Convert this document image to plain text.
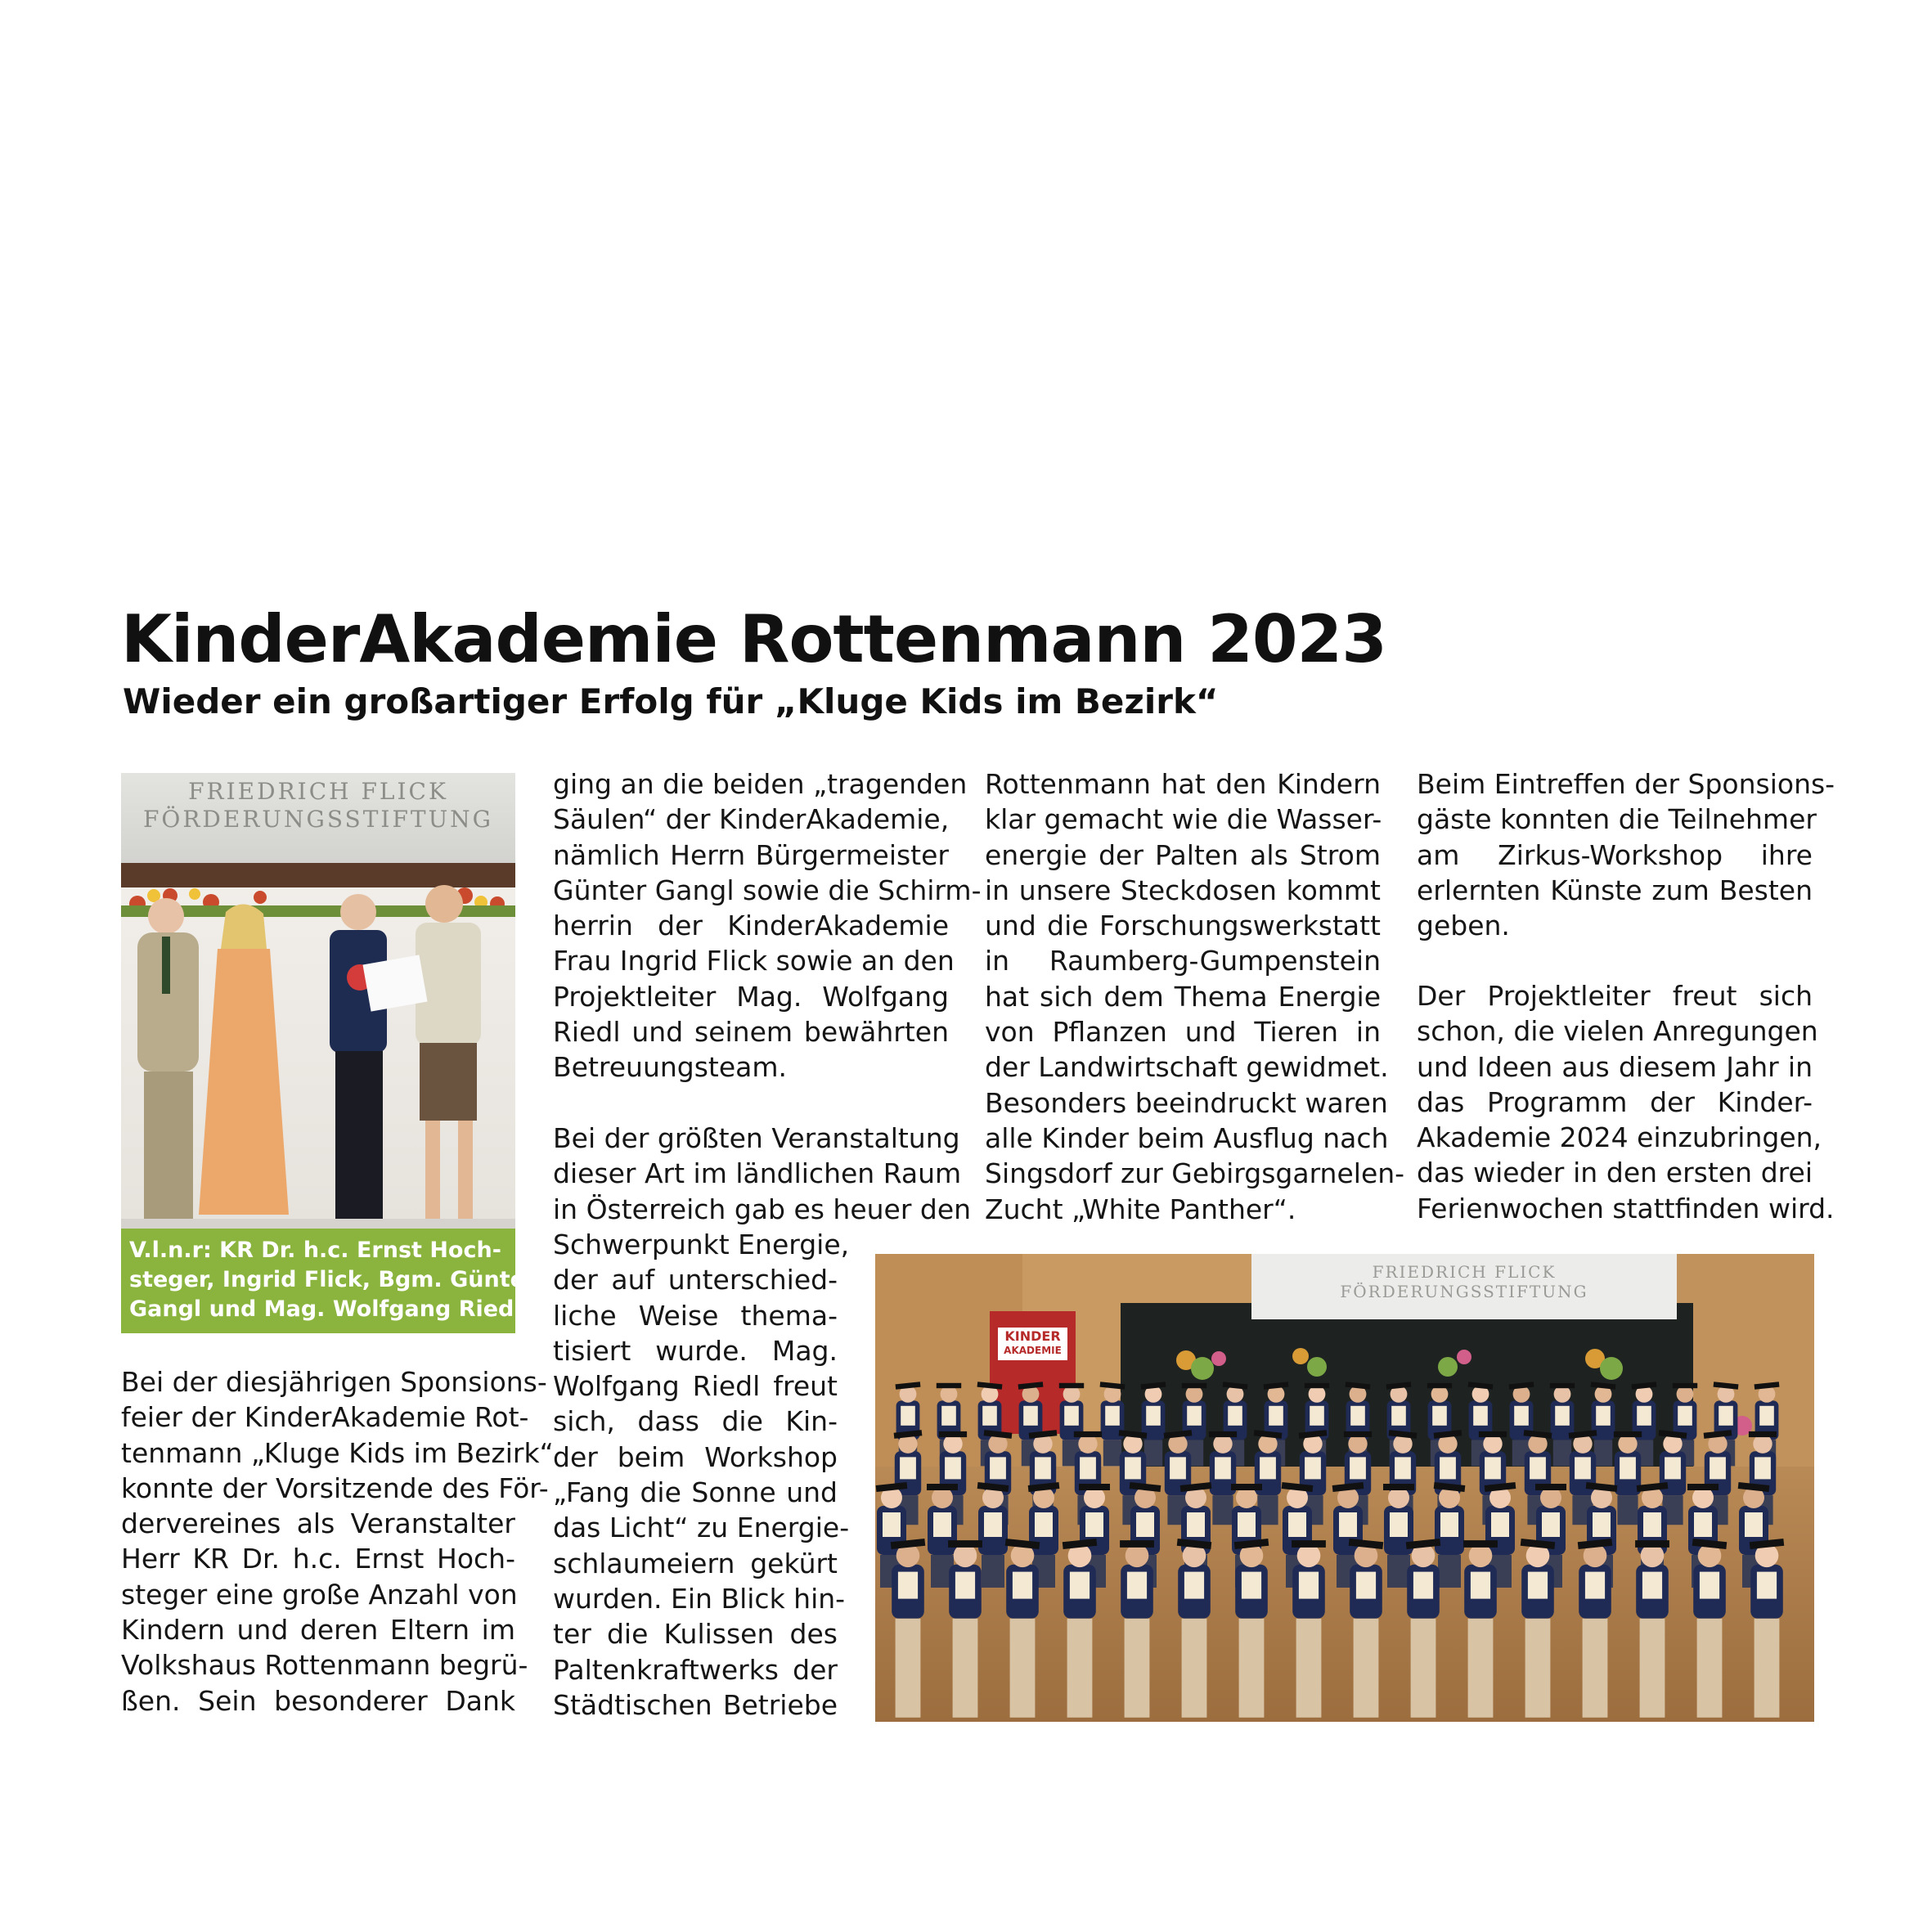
KinderAkademie Rottenmann 2023
Wieder ein großartiger Erfolg für „Kluge Kids im Bezirk“
FRIEDRICH FLICK
FÖRDERUNGSSTIFTUNG
V.l.n.r: KR Dr. h.c. Ernst Hoch-
steger, Ingrid Flick, Bgm. Günter
Gangl und Mag. Wolfgang Riedl
Bei der diesjährigen Sponsions-
feier der KinderAkademie Rot-
tenmann „Kluge Kids im Bezirk“
konnte der Vorsitzende des För-
dervereines als Veranstalter
Herr KR Dr. h.c. Ernst Hoch-
steger eine große Anzahl von
Kindern und deren Eltern im
Volkshaus Rottenmann begrü-
ßen. Sein besonderer Dank
ging an die beiden „tragenden
Säulen“ der KinderAkademie,
nämlich Herrn Bürgermeister
Günter Gangl sowie die Schirm-
herrin der KinderAkademie
Frau Ingrid Flick sowie an den
Projektleiter Mag. Wolfgang
Riedl und seinem bewährten
Betreuungsteam.
Bei der größten Veranstaltung
dieser Art im ländlichen Raum
in Österreich gab es heuer den
Schwerpunkt Energie,
der auf unterschied-
liche Weise thema-
tisiert wurde. Mag.
Wolfgang Riedl freut
sich, dass die Kin-
der beim Workshop
„Fang die Sonne und
das Licht“ zu Energie-
schlaumeiern gekürt
wurden. Ein Blick hin-
ter die Kulissen des
Paltenkraftwerks der
Städtischen Betriebe
Rottenmann hat den Kindern
klar gemacht wie die Wasser-
energie der Palten als Strom
in unsere Steckdosen kommt
und die Forschungswerkstatt
in Raumberg-Gumpenstein
hat sich dem Thema Energie
von Pflanzen und Tieren in
der Landwirtschaft gewidmet.
Besonders beeindruckt waren
alle Kinder beim Ausflug nach
Singsdorf zur Gebirgsgarnelen-
Zucht „White Panther“.
Beim Eintreffen der Sponsions-
gäste konnten die Teilnehmer
am Zirkus-Workshop ihre
erlernten Künste zum Besten
geben.
Der Projektleiter freut sich
schon, die vielen Anregungen
und Ideen aus diesem Jahr in
das Programm der Kinder-
Akademie 2024 einzubringen,
das wieder in den ersten drei
Ferienwochen stattfinden wird.
FRIEDRICH FLICK
FÖRDERUNGSSTIFTUNG
KINDER
AKADEMIE
